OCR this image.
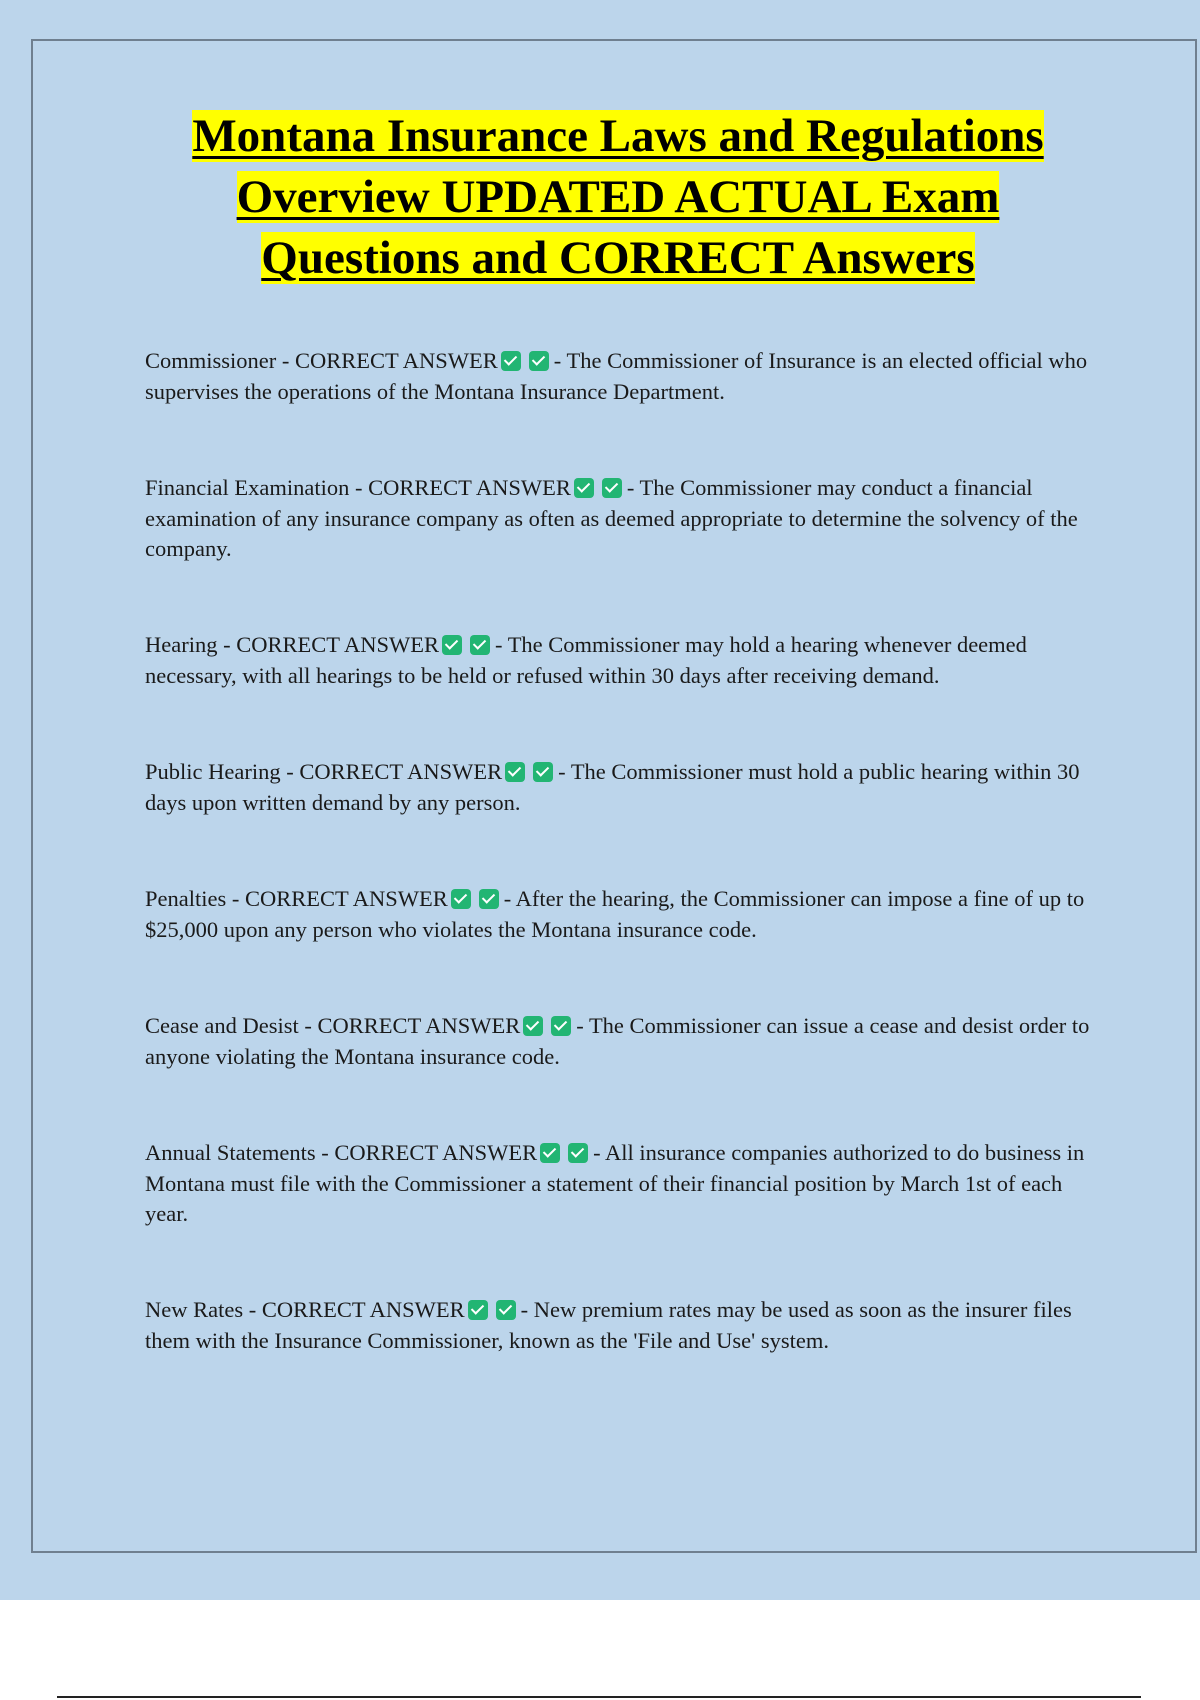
Montana Insurance Laws and Regulations
Overview UPDATED ACTUAL Exam
Questions and CORRECT Answers
Commissioner - CORRECT ANSWER - The Commissioner of Insurance is an elected official who supervises the operations of the Montana Insurance Department.
Financial Examination - CORRECT ANSWER - The Commissioner may conduct a financial examination of any insurance company as often as deemed appropriate to determine the solvency of the company.
Hearing - CORRECT ANSWER - The Commissioner may hold a hearing whenever deemed necessary, with all hearings to be held or refused within 30 days after receiving demand.
Public Hearing - CORRECT ANSWER - The Commissioner must hold a public hearing within 30 days upon written demand by any person.
Penalties - CORRECT ANSWER - After the hearing, the Commissioner can impose a fine of up to $25,000 upon any person who violates the Montana insurance code.
Cease and Desist - CORRECT ANSWER - The Commissioner can issue a cease and desist order to anyone violating the Montana insurance code.
Annual Statements - CORRECT ANSWER - All insurance companies authorized to do business in Montana must file with the Commissioner a statement of their financial position by March 1st of each year.
New Rates - CORRECT ANSWER - New premium rates may be used as soon as the insurer files them with the Insurance Commissioner, known as the 'File and Use' system.
